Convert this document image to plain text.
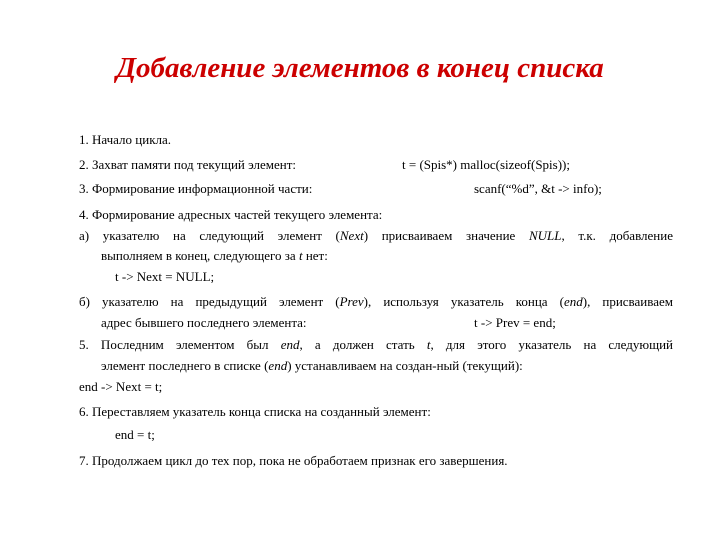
Добавление элементов в конец списка
1. Начало цикла.
2. Захват памяти под текущий элемент:	t = (Spis*) malloc(sizeof(Spis));
3. Формирование информационной части:	scanf(“%d”, &t -> info);
4. Формирование адресных частей текущего элемента:
а) указателю на следующий элемент (Next) присваиваем значение NULL, т.к. добавление
выполняем в конец, следующего за t нет:
t -> Next = NULL;
б) указателю на предыдущий элемент (Prev), используя указатель конца (end), присваиваем
адрес бывшего последнего элемента:	t -> Prev = end;
5. Последним элементом был end, а должен стать t, для этого указатель на следующий
элемент последнего в списке (end) устанавливаем на создан-ный (текущий):
end -> Next = t;
6. Переставляем указатель конца списка на созданный элемент:
end = t;
7. Продолжаем цикл до тех пор, пока не обработаем признак его завершения.
